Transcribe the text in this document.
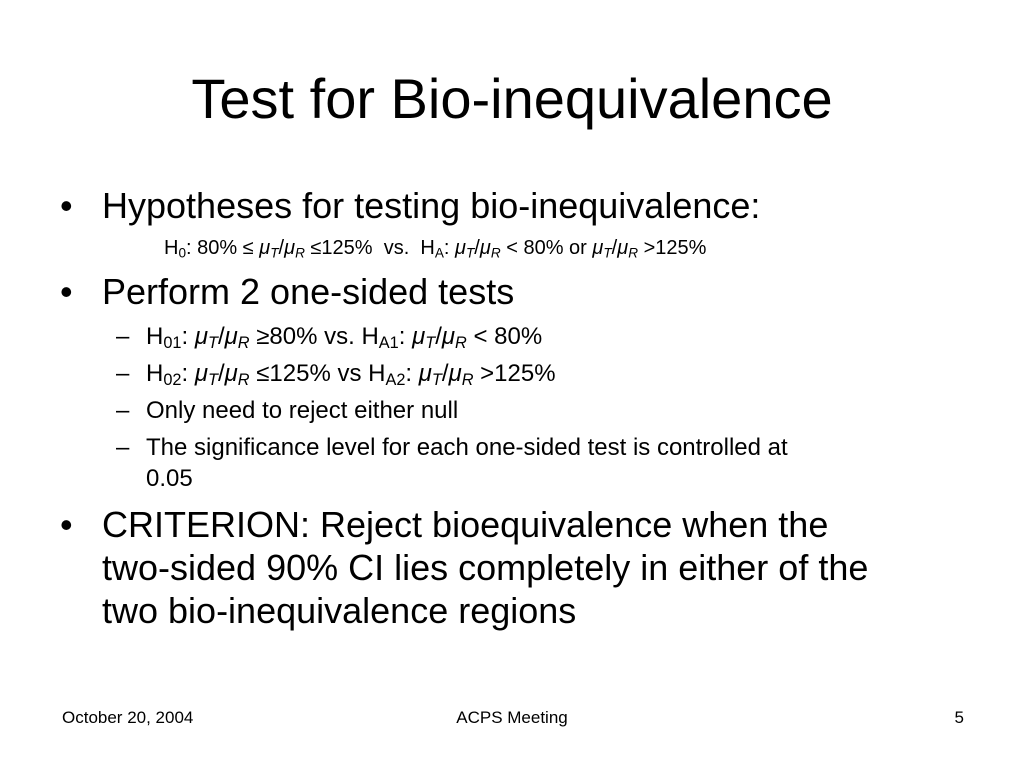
Test for Bio-inequivalence
• Hypotheses for testing bio-inequivalence:
$H_0$: $80\% \le \mu_T/\mu_R \le 125\%$  vs.  $H_A$: $\mu_T/\mu_R < 80\%$ or $\mu_T/\mu_R >125\%$
• Perform 2 one-sided tests
– $H_{01}$: $\mu_T/\mu_R \ge 80\%$ vs. $H_{A1}$: $\mu_T/\mu_R < 80\%$
– $H_{02}$: $\mu_T/\mu_R \le 125\%$ vs $H_{A2}$: $\mu_T/\mu_R >125\%$
– Only need to reject either null
– The significance level for each one-sided test is controlled at
0.05
• CRITERION: Reject bioequivalence when the
two-sided 90% CI lies completely in either of the
two bio-inequivalence regions
October 20, 2004	ACPS Meeting	5
